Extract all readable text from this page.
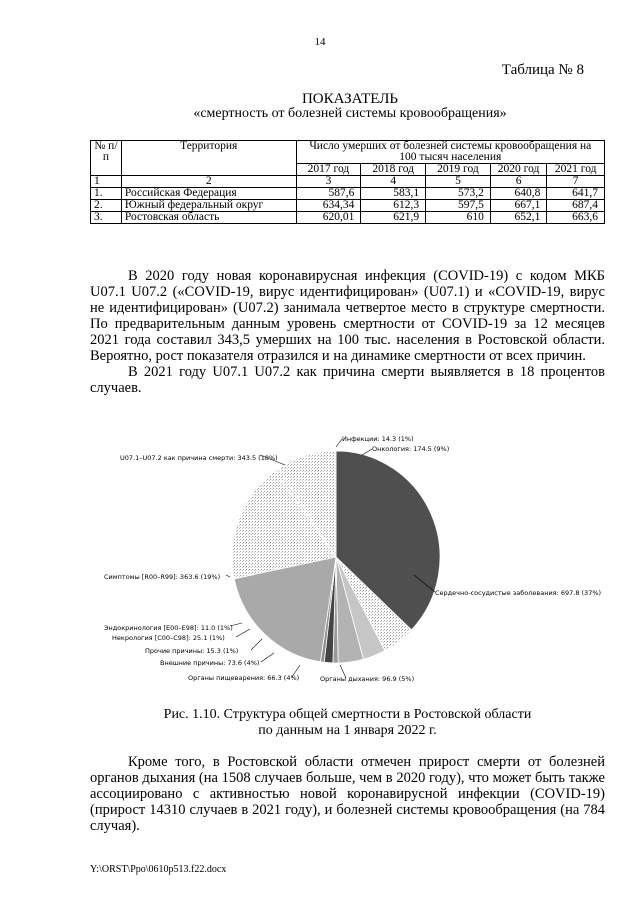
14
Таблица № 8
ПОКАЗАТЕЛЬ
«смертность от болезней системы кровообращения»
№ п/п	Территория	Число умерших от болезней системы кровообращения на 100 тысяч населения				
		2017 год	2018 год	2019 год	2020 год	2021 год
1	2	3	4	5	6	7
1.	Российская Федерация	587,6	583,1	573,2	640,8	641,7
2.	Южный федеральный округ	634,34	612,3	597,5	667,1	687,4
3.	Ростовская область	620,01	621,9	610	652,1	663,6

В 2020 году новая коронавирусная инфекция (COVID-19) с кодом МКБ U07.1 U07.2 («COVID-19, вирус идентифицирован» (U07.1) и «COVID-19, вирус не идентифицирован» (U07.2) занимала четвертое место в структуре смертности. По предварительным данным уровень смертности от COVID-19 за 12 месяцев 2021 года составил 343,5 умерших на 100 тыс. населения в Ростовской области. Вероятно, рост показателя отразился и на динамике смертности от всех причин.

В 2021 году U07.1 U07.2 как причина смерти выявляется в 18 процентов случаев.

Инфекции: 14.3 (1%)
Онкология: 174.5 (9%)
U07.1–U07.2 как причина смерти: 343.5 (18%)
Сердечно-сосудистые заболевания: 697.8 (37%)
Симптомы [R00–R99]: 363.6 (19%)
Эндокринология [E00–E98]: 11.0 (1%)
Некрология [C00–C98]: 25.1 (1%)
Прочие причины: 15.3 (1%)
Внешние причины: 73.6 (4%)
Органы пищеварения: 66.3 (4%)	Органы дыхания: 96.9 (5%)
Рис. 1.10. Структура общей смертности в Ростовской области
по данным на 1 января 2022 г.

Кроме того, в Ростовской области отмечен прирост смерти от болезней органов дыхания (на 1508 случаев больше, чем в 2020 году), что может быть также ассоциировано с активностью новой коронавирусной инфекции (COVID-19) (прирост 14310 случаев в 2021 году), и болезней системы кровообращения (на 784 случая).

Y:\ORST\Ppo\0610p513.f22.docx
